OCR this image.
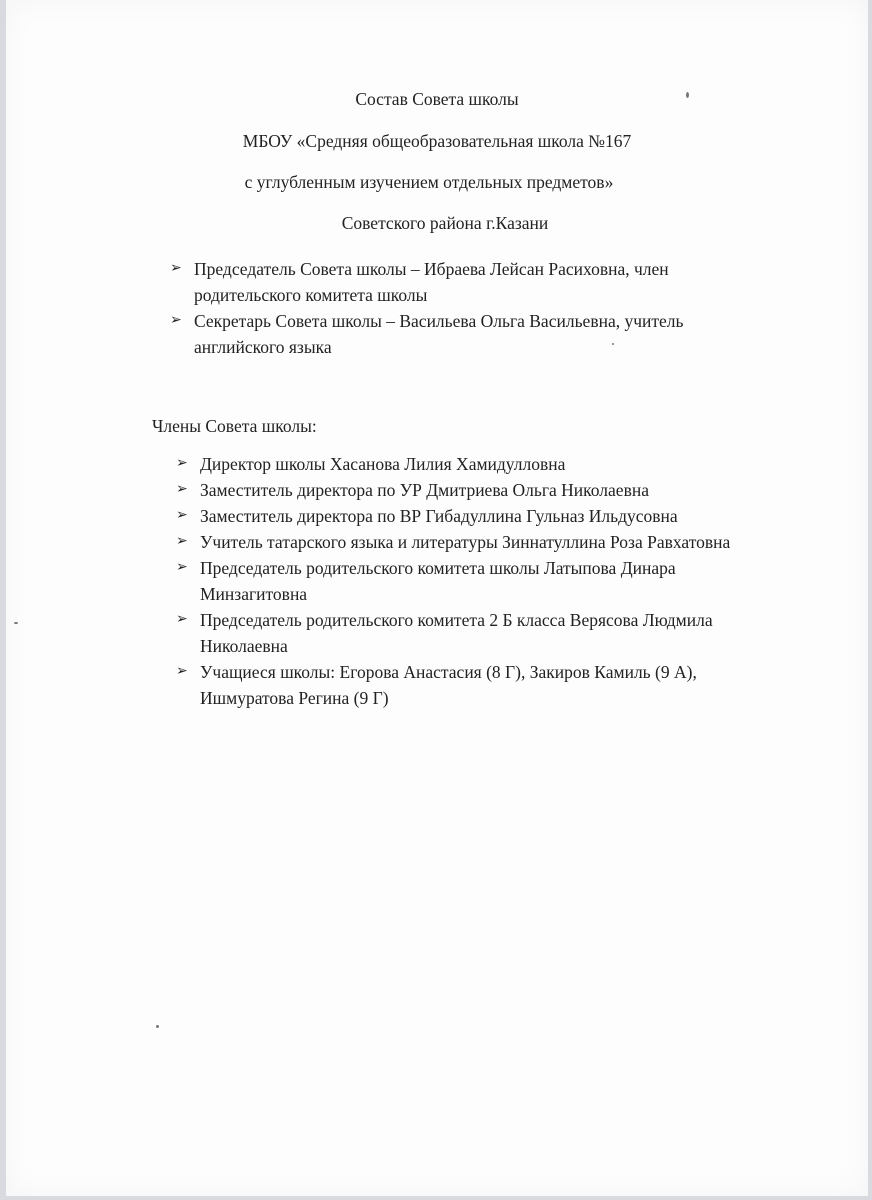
Состав Совета школы
МБОУ «Средняя общеобразовательная школа №167
с углубленным изучением отдельных предметов»
Советского района г.Казани
➢ Председатель Совета школы – Ибраева Лейсан Расиховна, член
родительского комитета школы
➢ Секретарь Совета школы – Васильева Ольга Васильевна, учитель
английского языка
Члены Совета школы:
➢ Директор школы Хасанова Лилия Хамидулловна
➢ Заместитель директора по УР Дмитриева Ольга Николаевна
➢ Заместитель директора по ВР Гибадуллина Гульназ Ильдусовна
➢ Учитель татарского языка и литературы Зиннатуллина Роза Равхатовна
➢ Председатель родительского комитета школы Латыпова Динара
Минзагитовна
➢ Председатель родительского комитета 2 Б класса Верясова Людмила
Николаевна
➢ Учащиеся школы: Егорова Анастасия (8 Г), Закиров Камиль (9 А),
Ишмуратова Регина (9 Г)
